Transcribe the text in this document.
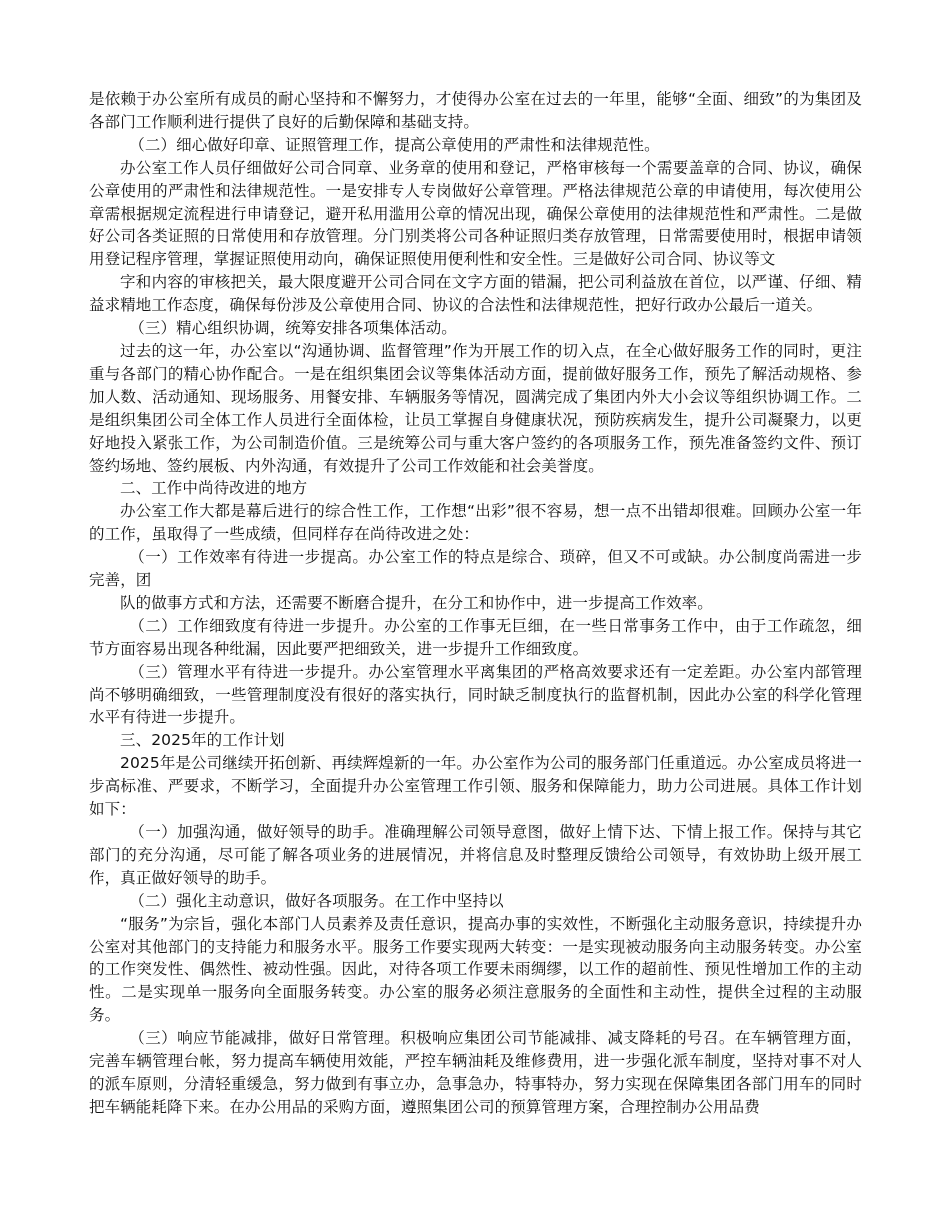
是依赖于办公室所有成员的耐心坚持和不懈努力，才使得办公室在过去的一年里，能够“全面、细致”的为集团及各部门工作顺利进行提供了良好的后勤保障和基础支持。

（二）细心做好印章、证照管理工作，提高公章使用的严肃性和法律规范性。

办公室工作人员仔细做好公司合同章、业务章的使用和登记，严格审核每一个需要盖章的合同、协议，确保公章使用的严肃性和法律规范性。一是安排专人专岗做好公章管理。严格法律规范公章的申请使用，每次使用公章需根据规定流程进行申请登记，避开私用滥用公章的情况出现，确保公章使用的法律规范性和严肃性。二是做好公司各类证照的日常使用和存放管理。分门别类将公司各种证照归类存放管理，日常需要使用时，根据申请领用登记程序管理，掌握证照使用动向，确保证照使用便利性和安全性。三是做好公司合同、协议等文

字和内容的审核把关，最大限度避开公司合同在文字方面的错漏，把公司利益放在首位，以严谨、仔细、精益求精地工作态度，确保每份涉及公章使用合同、协议的合法性和法律规范性，把好行政办公最后一道关。

（三）精心组织协调，统筹安排各项集体活动。

过去的这一年，办公室以“沟通协调、监督管理”作为开展工作的切入点，在全心做好服务工作的同时，更注重与各部门的精心协作配合。一是在组织集团会议等集体活动方面，提前做好服务工作，预先了解活动规格、参加人数、活动通知、现场服务、用餐安排、车辆服务等情况，圆满完成了集团内外大小会议等组织协调工作。二是组织集团公司全体工作人员进行全面体检，让员工掌握自身健康状况，预防疾病发生，提升公司凝聚力，以更好地投入紧张工作，为公司制造价值。三是统筹公司与重大客户签约的各项服务工作，预先准备签约文件、预订签约场地、签约展板、内外沟通，有效提升了公司工作效能和社会美誉度。

二、工作中尚待改进的地方

办公室工作大都是幕后进行的综合性工作，工作想“出彩”很不容易，想一点不出错却很难。回顾办公室一年的工作，虽取得了一些成绩，但同样存在尚待改进之处：

（一）工作效率有待进一步提高。办公室工作的特点是综合、琐碎，但又不可或缺。办公制度尚需进一步完善，团

队的做事方式和方法，还需要不断磨合提升，在分工和协作中，进一步提高工作效率。

（二）工作细致度有待进一步提升。办公室的工作事无巨细，在一些日常事务工作中，由于工作疏忽，细节方面容易出现各种纰漏，因此要严把细致关，进一步提升工作细致度。

（三）管理水平有待进一步提升。办公室管理水平离集团的严格高效要求还有一定差距。办公室内部管理尚不够明确细致，一些管理制度没有很好的落实执行，同时缺乏制度执行的监督机制，因此办公室的科学化管理水平有待进一步提升。

三、2025年的工作计划

2025年是公司继续开拓创新、再续辉煌新的一年。办公室作为公司的服务部门任重道远。办公室成员将进一步高标准、严要求，不断学习，全面提升办公室管理工作引领、服务和保障能力，助力公司进展。具体工作计划如下：

（一）加强沟通，做好领导的助手。准确理解公司领导意图，做好上情下达、下情上报工作。保持与其它部门的充分沟通，尽可能了解各项业务的进展情况，并将信息及时整理反馈给公司领导，有效协助上级开展工作，真正做好领导的助手。

（二）强化主动意识，做好各项服务。在工作中坚持以

“服务”为宗旨，强化本部门人员素养及责任意识，提高办事的实效性，不断强化主动服务意识，持续提升办公室对其他部门的支持能力和服务水平。服务工作要实现两大转变：一是实现被动服务向主动服务转变。办公室的工作突发性、偶然性、被动性强。因此，对待各项工作要未雨绸缪，以工作的超前性、预见性增加工作的主动性。二是实现单一服务向全面服务转变。办公室的服务必须注意服务的全面性和主动性，提供全过程的主动服务。

（三）响应节能减排，做好日常管理。积极响应集团公司节能减排、减支降耗的号召。在车辆管理方面，完善车辆管理台帐，努力提高车辆使用效能，严控车辆油耗及维修费用，进一步强化派车制度，坚持对事不对人的派车原则，分清轻重缓急，努力做到有事立办，急事急办，特事特办，努力实现在保障集团各部门用车的同时把车辆能耗降下来。在办公用品的采购方面，遵照集团公司的预算管理方案，合理控制办公用品费
